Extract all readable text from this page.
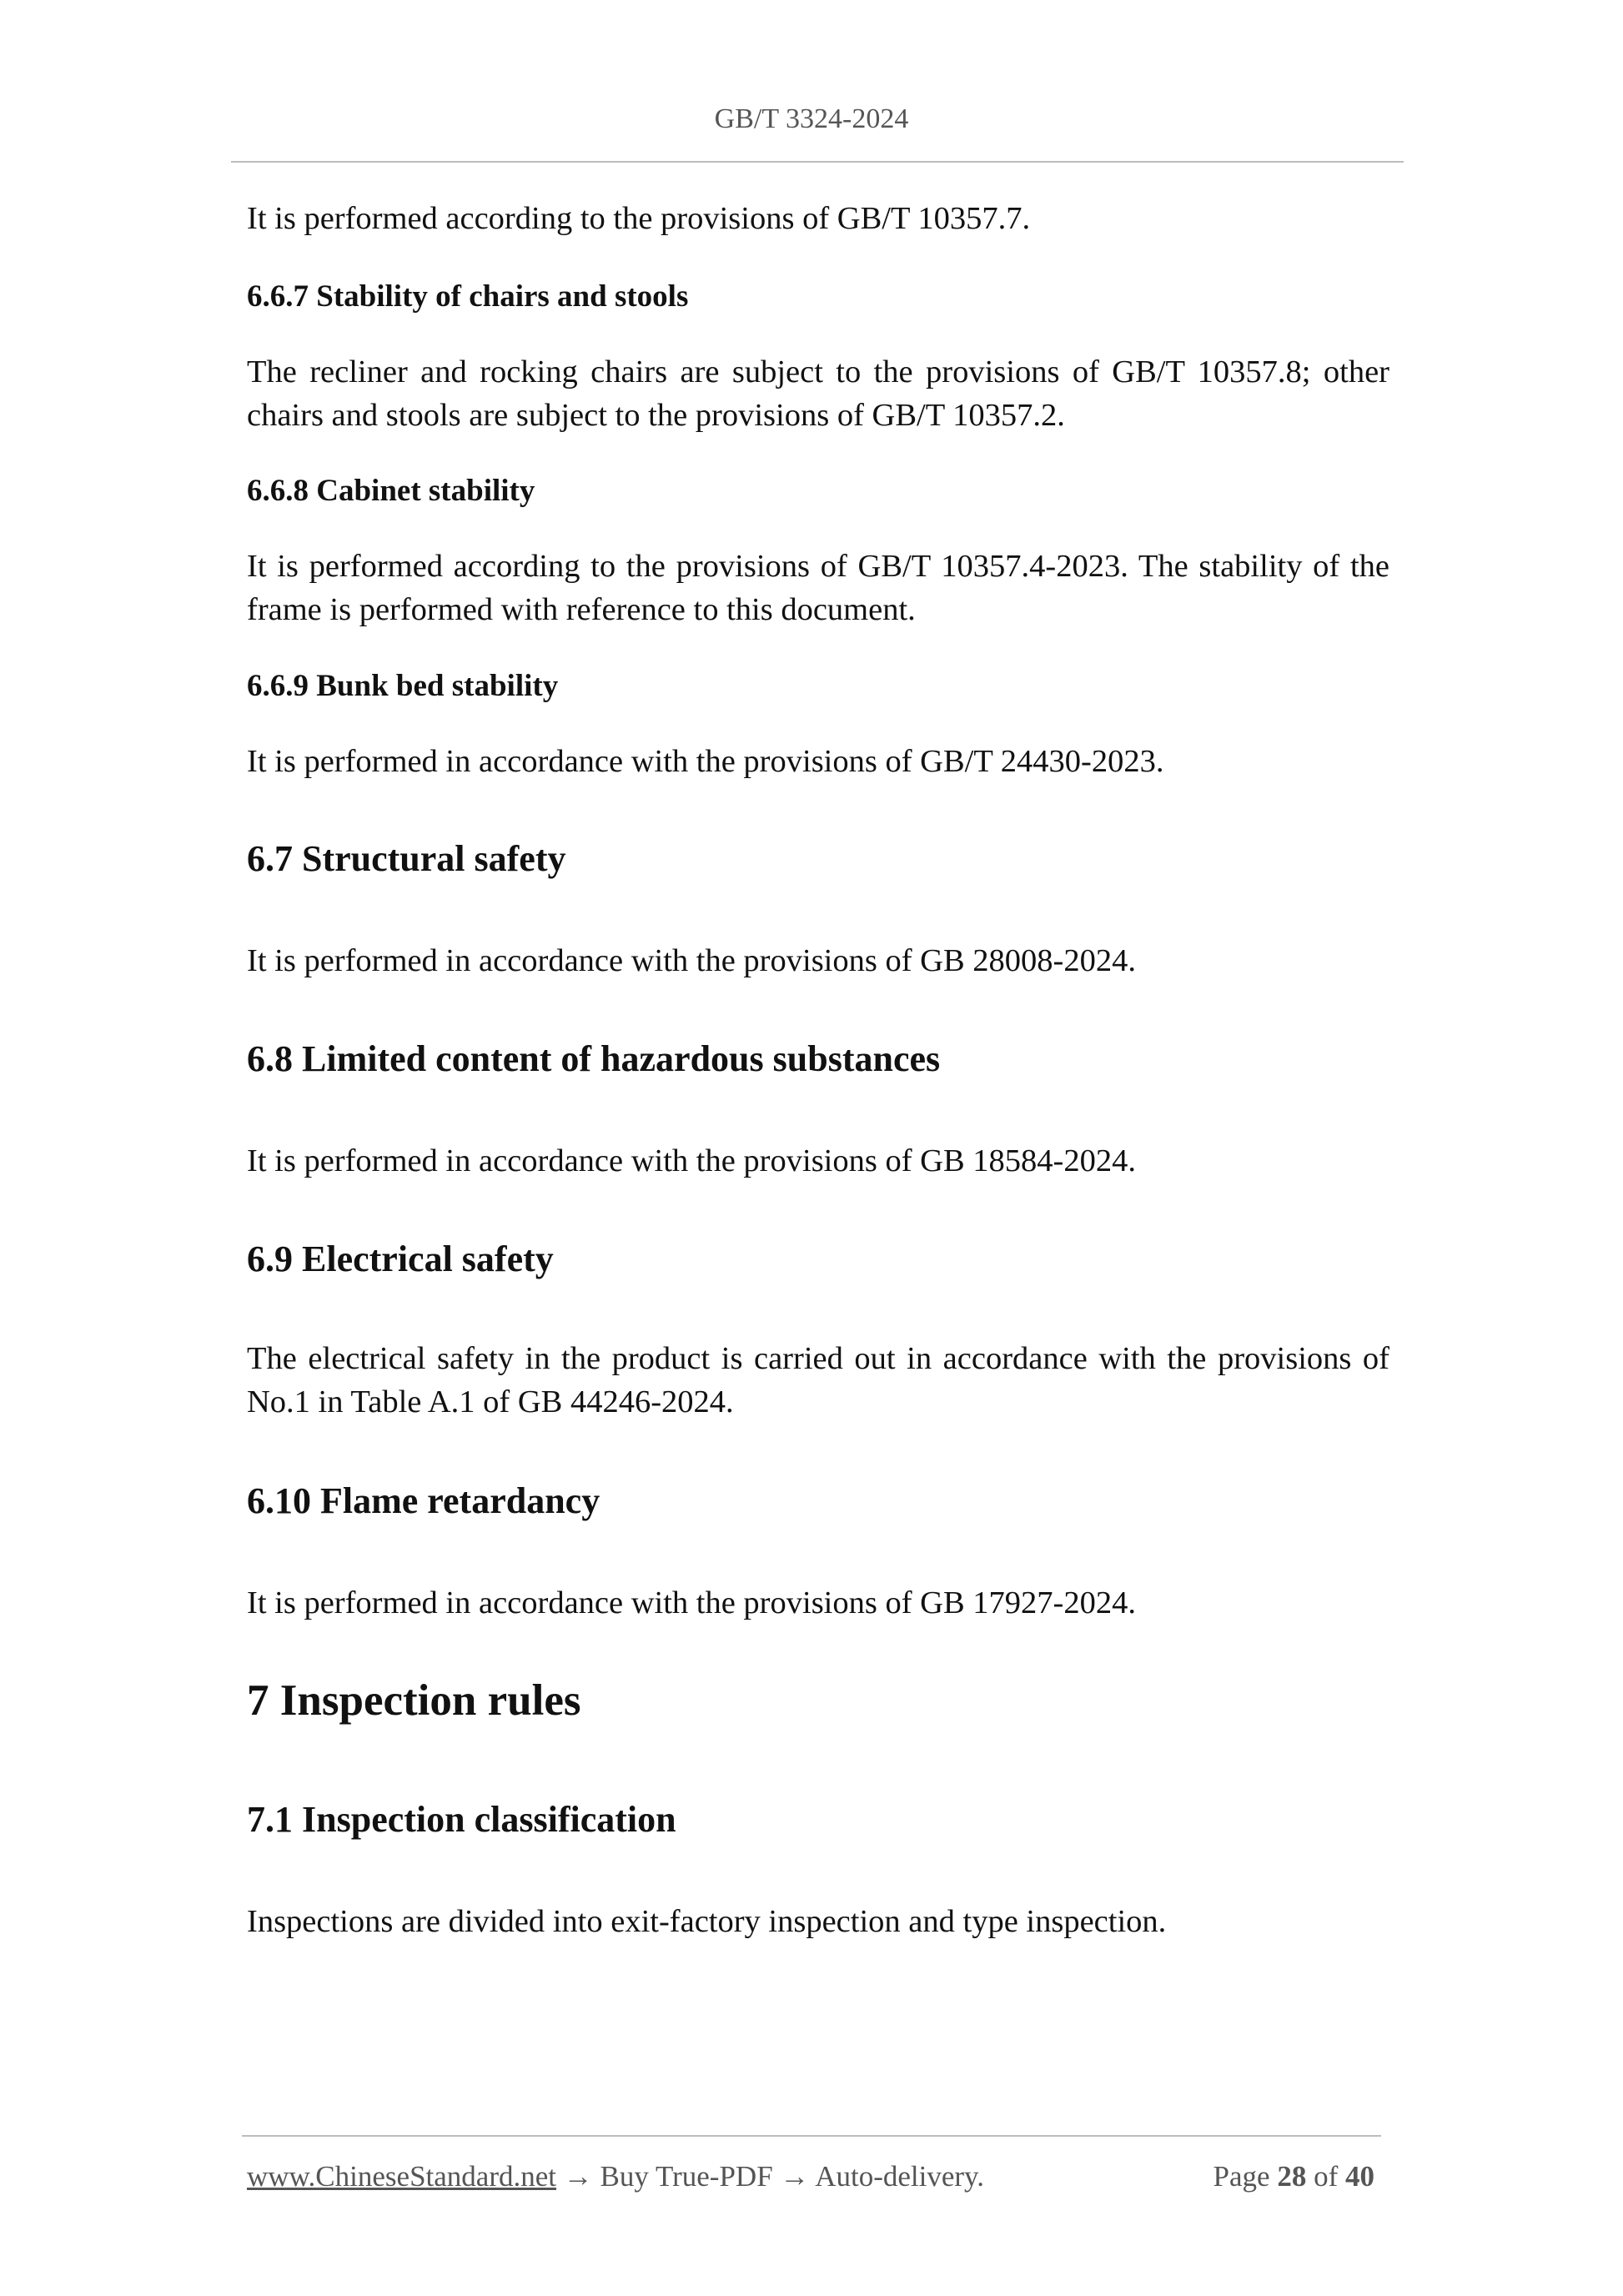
GB/T 3324-2024
It is performed according to the provisions of GB/T 10357.7.
6.6.7 Stability of chairs and stools
The recliner and rocking chairs are subject to the provisions of GB/T 10357.8; other chairs and stools are subject to the provisions of GB/T 10357.2.
6.6.8 Cabinet stability
It is performed according to the provisions of GB/T 10357.4-2023. The stability of the frame is performed with reference to this document.
6.6.9 Bunk bed stability
It is performed in accordance with the provisions of GB/T 24430-2023.
6.7 Structural safety
It is performed in accordance with the provisions of GB 28008-2024.
6.8 Limited content of hazardous substances
It is performed in accordance with the provisions of GB 18584-2024.
6.9 Electrical safety
The electrical safety in the product is carried out in accordance with the provisions of No.1 in Table A.1 of GB 44246-2024.
6.10 Flame retardancy
It is performed in accordance with the provisions of GB 17927-2024.
7 Inspection rules
7.1 Inspection classification
Inspections are divided into exit-factory inspection and type inspection.
www.ChineseStandard.net → Buy True-PDF → Auto-delivery.	Page 28 of 40
